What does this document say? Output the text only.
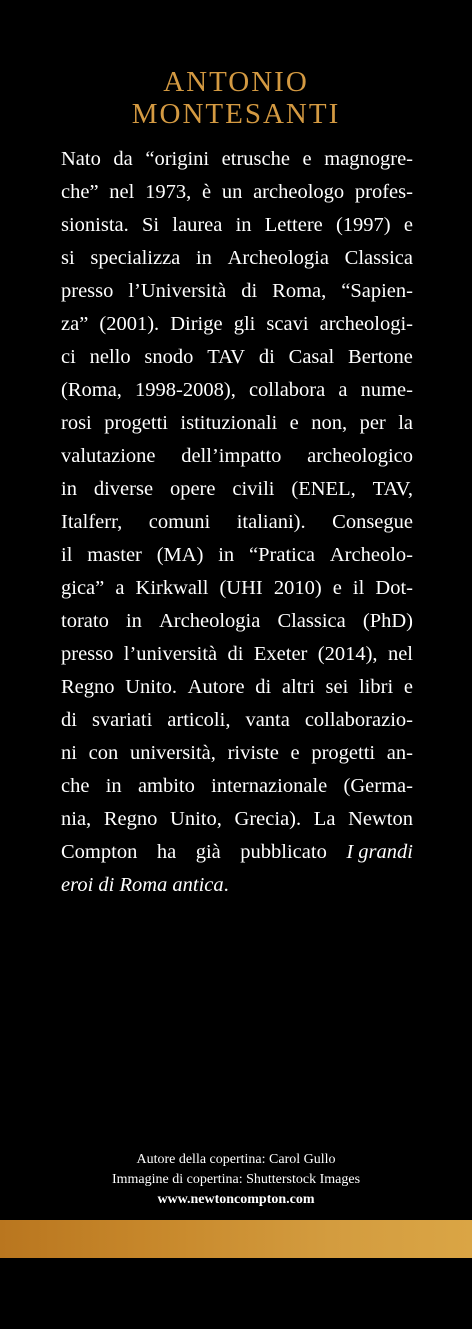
ANTONIO
MONTESANTI
Nato da “origini etrusche e magnogre-
che” nel 1973, è un archeologo profes-
sionista. Si laurea in Lettere (1997) e
si specializza in Archeologia Classica
presso l’Università di Roma, “Sapien-
za” (2001). Dirige gli scavi archeologi-
ci nello snodo TAV di Casal Bertone
(Roma, 1998-2008), collabora a nume-
rosi progetti istituzionali e non, per la
valutazione dell’impatto archeologico
in diverse opere civili (ENEL, TAV,
Italferr, comuni italiani). Consegue
il master (MA) in “Pratica Archeolo-
gica” a Kirkwall (UHI 2010) e il Dot-
torato in Archeologia Classica (PhD)
presso l’università di Exeter (2014), nel
Regno Unito. Autore di altri sei libri e
di svariati articoli, vanta collaborazio-
ni con università, riviste e progetti an-
che in ambito internazionale (Germa-
nia, Regno Unito, Grecia). La Newton
Compton ha già pubblicato I grandi
eroi di Roma antica .
Autore della copertina: Carol Gullo
Immagine di copertina: Shutterstock Images
www.newtoncompton.com
